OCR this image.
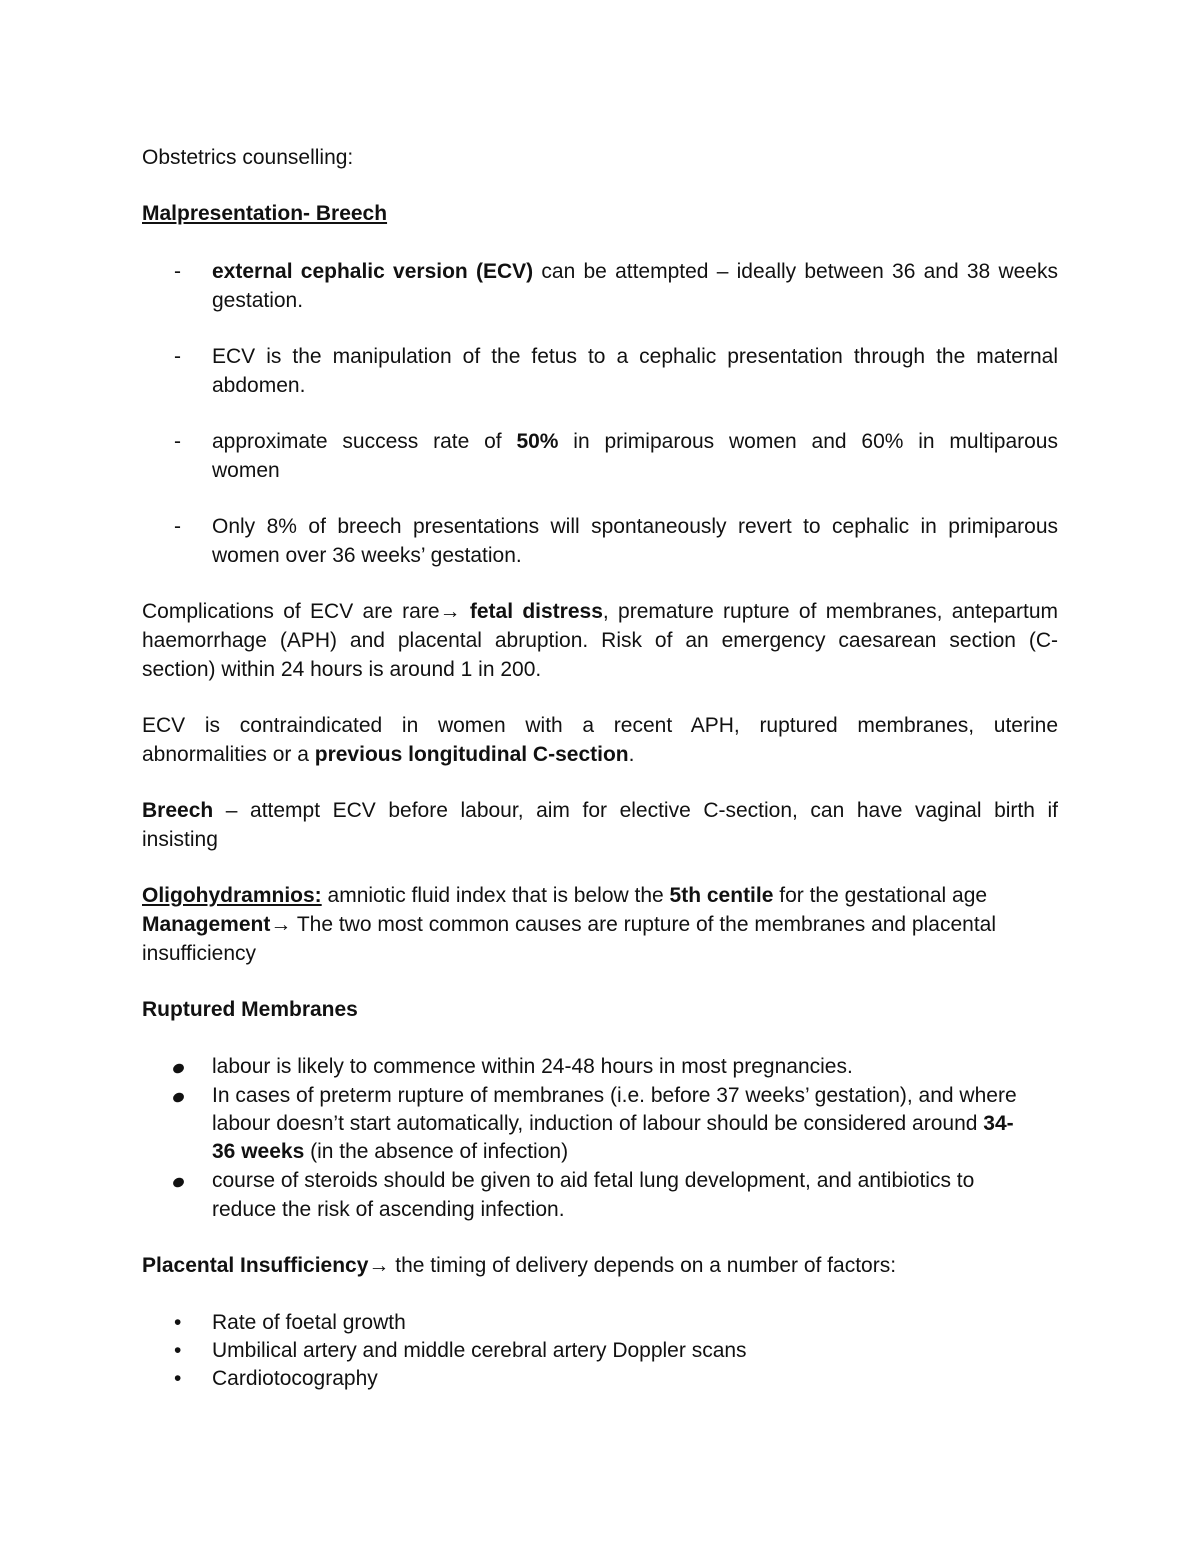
Obstetrics counselling:
Malpresentation- Breech
- external cephalic version (ECV) can be attempted – ideally between 36 and 38 weeks
gestation.
- ECV is the manipulation of the fetus to a cephalic presentation through the maternal
abdomen.
- approximate success rate of 50% in primiparous women and 60% in multiparous
women
- Only 8% of breech presentations will spontaneously revert to cephalic in primiparous
women over 36 weeks’ gestation.
Complications of ECV are rare→ fetal distress, premature rupture of membranes, antepartum
haemorrhage (APH) and placental abruption. Risk of an emergency caesarean section (C-
section) within 24 hours is around 1 in 200.
ECV is contraindicated in women with a recent APH, ruptured membranes, uterine
abnormalities or a previous longitudinal C-section.
Breech – attempt ECV before labour, aim for elective C-section, can have vaginal birth if
insisting
Oligohydramnios: amniotic fluid index that is below the 5th centile for the gestational age
Management→ The two most common causes are rupture of the membranes and placental
insufficiency
Ruptured Membranes
labour is likely to commence within 24-48 hours in most pregnancies.
In cases of preterm rupture of membranes (i.e. before 37 weeks’ gestation), and where
labour doesn’t start automatically, induction of labour should be considered around 34-
36 weeks (in the absence of infection)
course of steroids should be given to aid fetal lung development, and antibiotics to
reduce the risk of ascending infection.
Placental Insufficiency→ the timing of delivery depends on a number of factors:
• Rate of foetal growth
• Umbilical artery and middle cerebral artery Doppler scans
• Cardiotocography
